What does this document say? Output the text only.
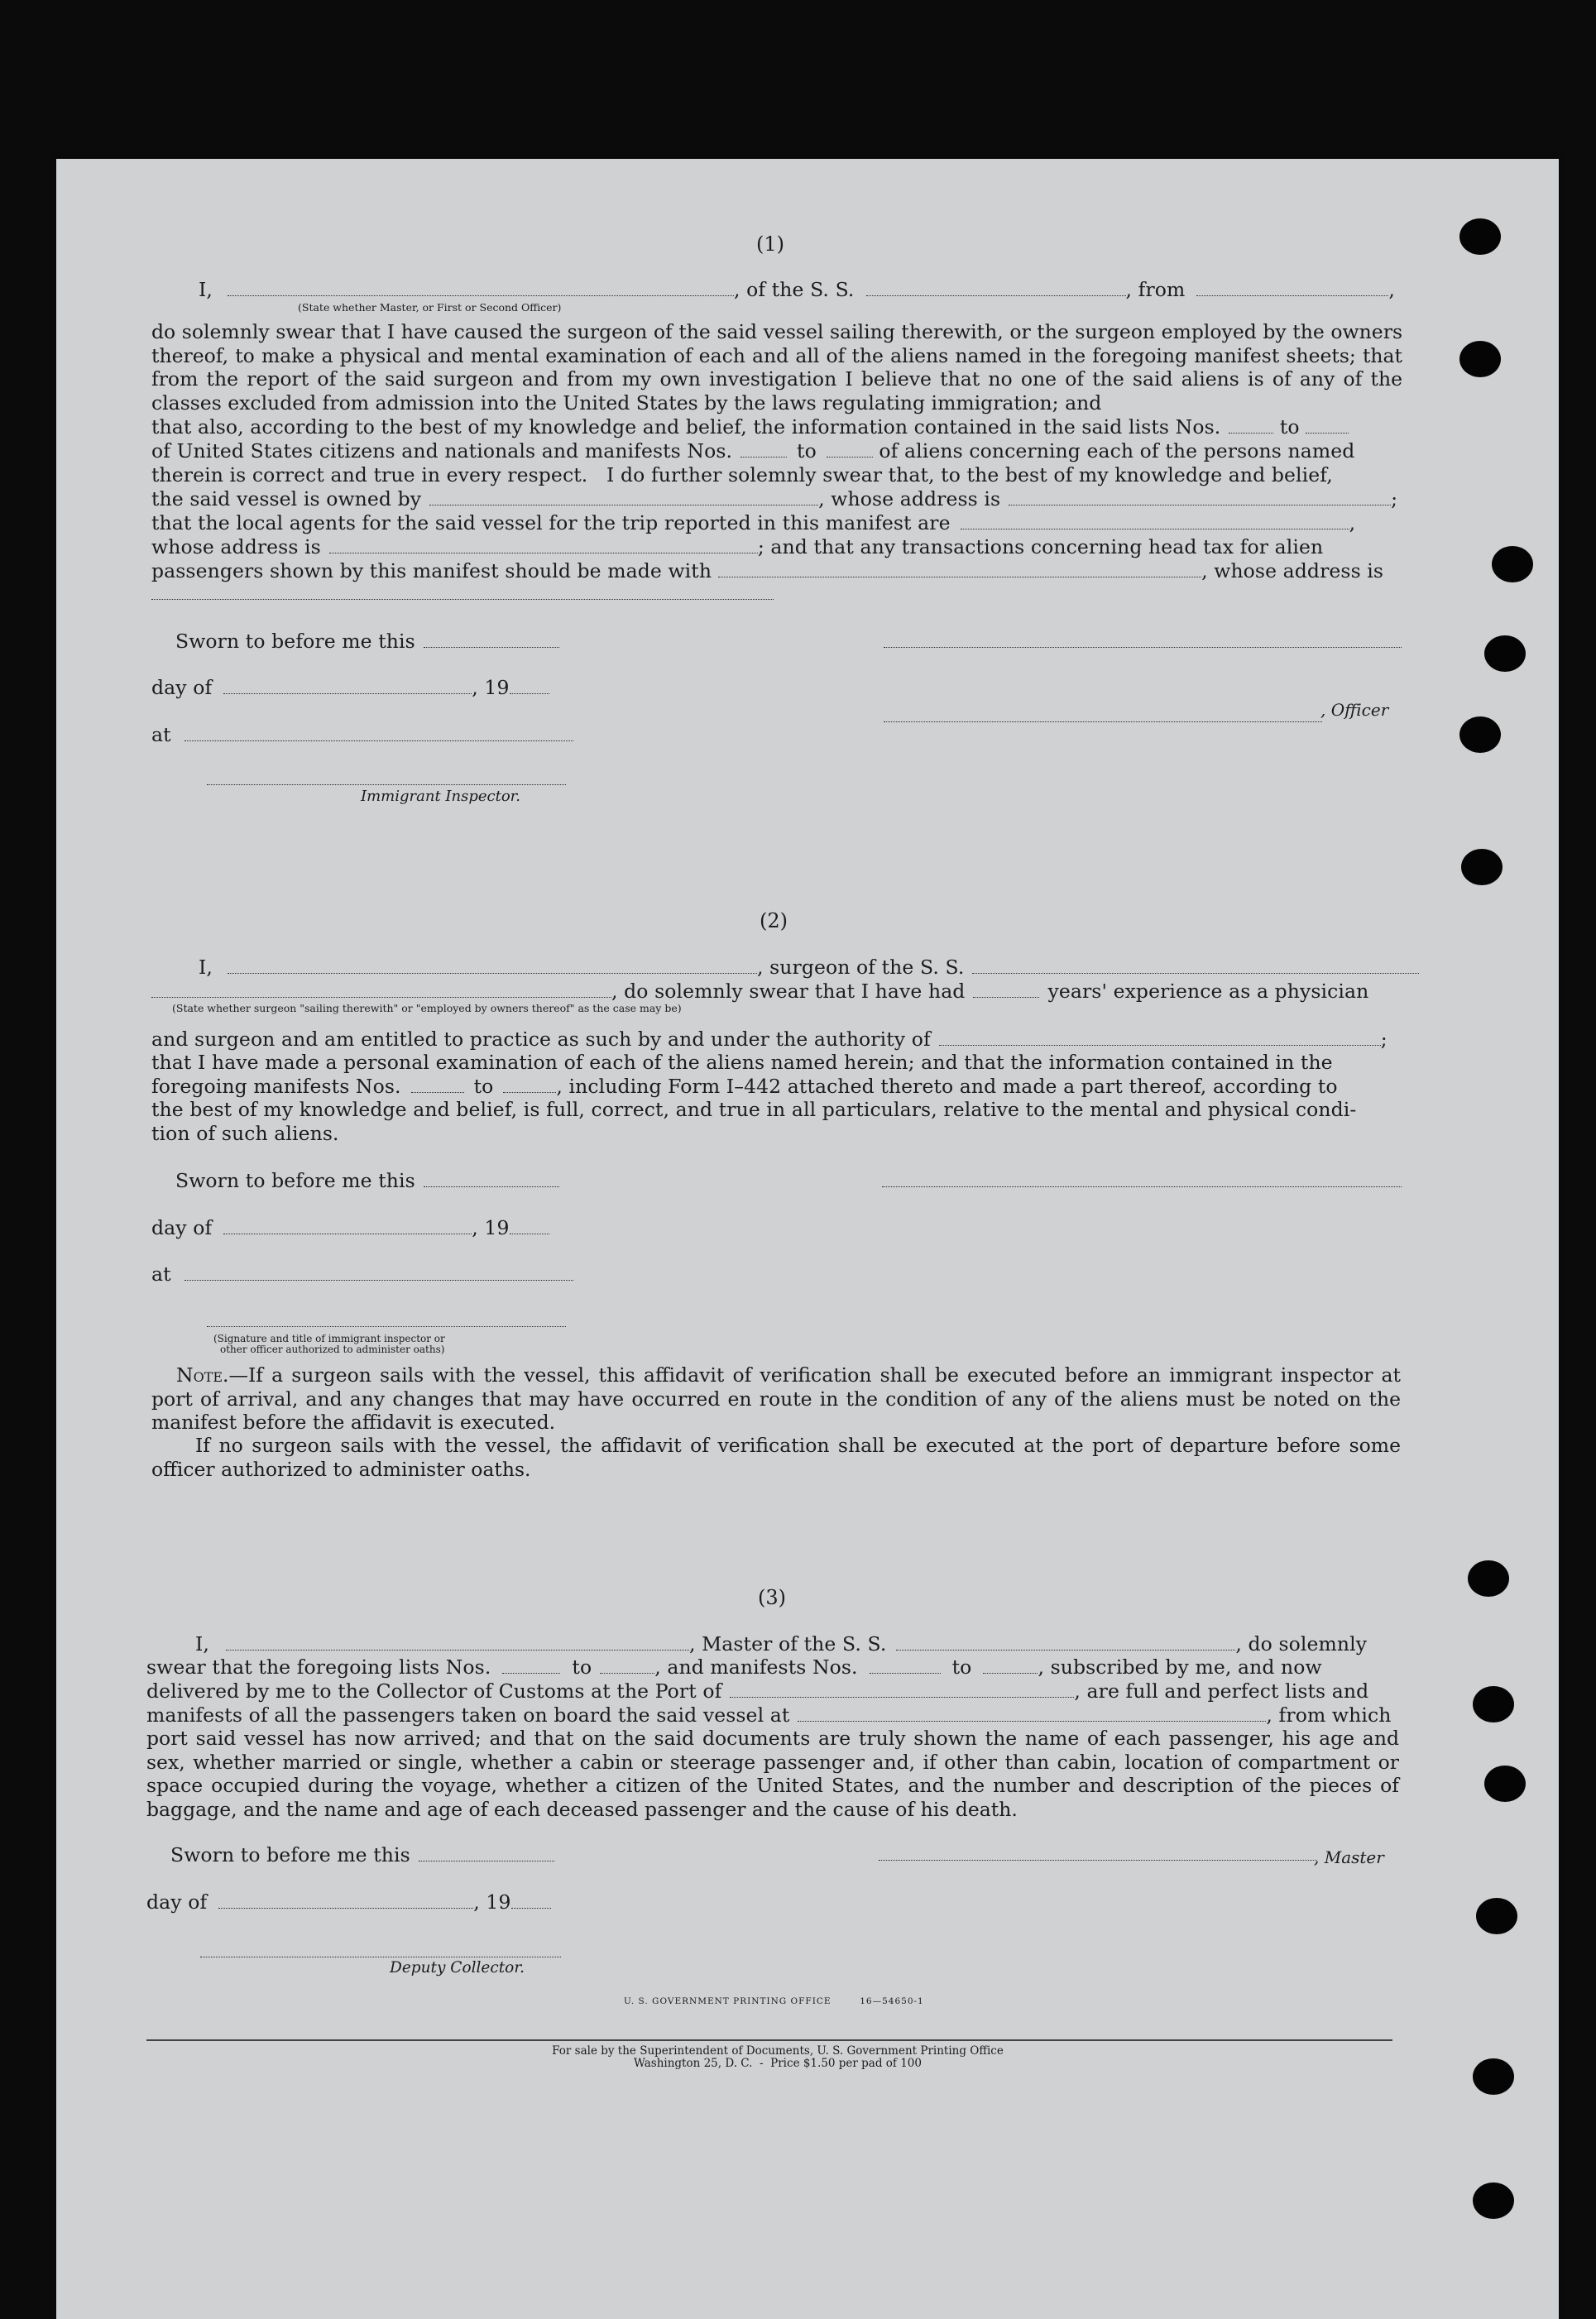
(1)
I,	, of the S. S.	, from	,
(State whether Master, or First or Second Officer)
do solemnly swear that I have caused the surgeon of the said vessel sailing therewith, or the surgeon employed by the owners thereof, to make a physical and mental examination of each and all of the aliens named in the foregoing manifest sheets; that from the report of the said surgeon and from my own investigation I believe that no one of the said aliens is of any of the classes excluded from admission into the United States by the laws regulating immigration; and
that also, according to the best of my knowledge and belief, the information contained in the said lists Nos.	to
of United States citizens and nationals and manifests Nos.	to	of aliens concerning each of the persons named
therein is correct and true in every respect.   I do further solemnly swear that, to the best of my knowledge and belief,
the said vessel is owned by	, whose address is	;
that the local agents for the said vessel for the trip reported in this manifest are	,
whose address is	; and that any transactions concerning head tax for alien
passengers shown by this manifest should be made with	, whose address is
Sworn to before me this
day of	, 19
at
, Officer
Immigrant Inspector.
(2)
I,	, surgeon of the S. S.
, do solemnly swear that I have had	years' experience as a physician
(State whether surgeon "sailing therewith" or "employed by owners thereof" as the case may be)
and surgeon and am entitled to practice as such by and under the authority of	;
that I have made a personal examination of each of the aliens named herein; and that the information contained in the
foregoing manifests Nos.	to	, including Form I–442 attached thereto and made a part thereof, according to
the best of my knowledge and belief, is full, correct, and true in all particulars, relative to the mental and physical condi-
tion of such aliens.
Sworn to before me this
day of	, 19
at
(Signature and title of immigrant inspector or
other officer authorized to administer oaths)
Note.—If a surgeon sails with the vessel, this affidavit of verification shall be executed before an immigrant inspector at port of arrival, and any changes that may have occurred en route in the condition of any of the aliens must be noted on the manifest before the affidavit is executed.
If no surgeon sails with the vessel, the affidavit of verification shall be executed at the port of departure before some officer authorized to administer oaths.
(3)
I,	, Master of the S. S.	, do solemnly
swear that the foregoing lists Nos.	to	, and manifests Nos.	to	, subscribed by me, and now
delivered by me to the Collector of Customs at the Port of	, are full and perfect lists and
manifests of all the passengers taken on board the said vessel at	, from which
port said vessel has now arrived; and that on the said documents are truly shown the name of each passenger, his age and sex, whether married or single, whether a cabin or steerage passenger and, if other than cabin, location of compartment or space occupied during the voyage, whether a citizen of the United States, and the number and description of the pieces of baggage, and the name and age of each deceased passenger and the cause of his death.
Sworn to before me this	, Master
day of	, 19
Deputy Collector.
U. S. GOVERNMENT PRINTING OFFICE        16—54650-1
For sale by the Superintendent of Documents, U. S. Government Printing Office
Washington 25, D. C.  -  Price $1.50 per pad of 100
